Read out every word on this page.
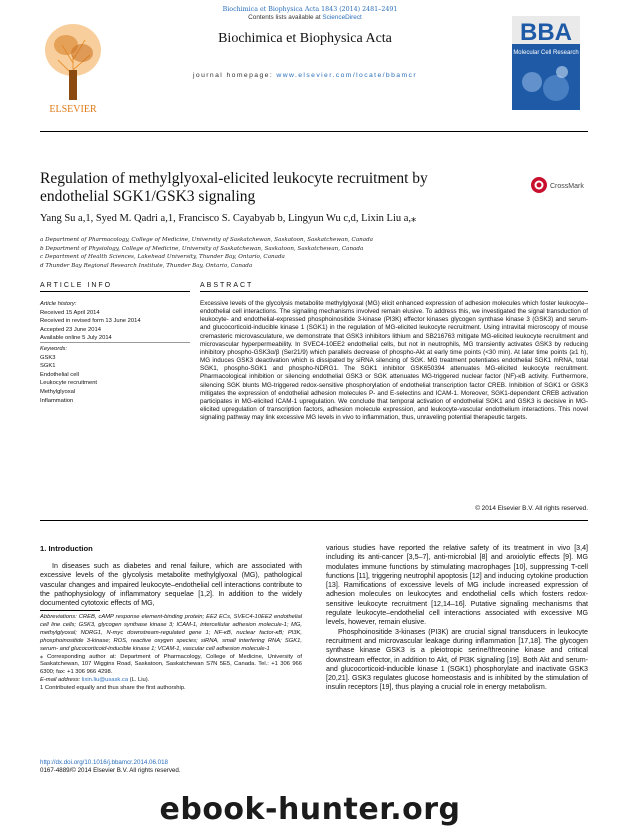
Biochimica et Biophysica Acta 1843 (2014) 2481–2491
ELSEVIER
Contents lists available at ScienceDirect
Biochimica et Biophysica Acta
journal homepage: www.elsevier.com/locate/bbamcr
BBA
Molecular Cell Research
Regulation of methylglyoxal-elicited leukocyte recruitment by endothelial SGK1/GSK3 signaling
CrossMark
Yang Su a,1, Syed M. Qadri a,1, Francisco S. Cayabyab b, Lingyun Wu c,d, Lixin Liu a,⁎
a Department of Pharmacology, College of Medicine, University of Saskatchewan, Saskatoon, Saskatchewan, Canada
b Department of Physiology, College of Medicine, University of Saskatchewan, Saskatoon, Saskatchewan, Canada
c Department of Health Sciences, Lakehead University, Thunder Bay, Ontario, Canada
d Thunder Bay Regional Research Institute, Thunder Bay, Ontario, Canada
ARTICLE INFO	ABSTRACT
Article history:
Received 15 April 2014
Received in revised form 13 June 2014
Accepted 23 June 2014
Available online 5 July 2014
Keywords:
GSK3
SGK1
Endothelial cell
Leukocyte recruitment
Methylglyoxal
Inflammation
Excessive levels of the glycolysis metabolite methylglyoxal (MG) elicit enhanced expression of adhesion molecules which foster leukocyte–endothelial cell interactions. The signaling mechanisms involved remain elusive. To address this, we investigated the signal transduction of leukocyte- and endothelial-expressed phosphoinositide 3-kinase (PI3K) effector kinases glycogen synthase kinase 3 (GSK3) and serum- and glucocorticoid-inducible kinase 1 (SGK1) in the regulation of MG-elicited leukocyte recruitment. Using intravital microscopy of mouse cremasteric microvasculature, we demonstrate that GSK3 inhibitors lithium and SB216763 mitigate MG-elicited leukocyte recruitment and microvascular hyperpermeability. In SVEC4-10EE2 endothelial cells, but not in neutrophils, MG transiently activates GSK3 by reducing inhibitory phospho-GSK3α/β (Ser21/9) which parallels decrease of phospho-Akt at early time points (<30 min). At later time points (≥1 h), MG induces GSK3 deactivation which is dissipated by siRNA silencing of SGK. MG treatment potentiates endothelial SGK1 mRNA, total SGK1, phospho-SGK1 and phospho-NDRG1. The SGK1 inhibitor GSK650394 attenuates MG-elicited leukocyte recruitment. Pharmacological inhibition or silencing endothelial GSK3 or SGK attenuates MG-triggered nuclear factor (NF)-κB activity. Furthermore, silencing SGK blunts MG-triggered redox-sensitive phosphorylation of endothelial transcription factor CREB. Inhibition of SGK1 or GSK3 mitigates the expression of endothelial adhesion molecules P- and E-selectins and ICAM-1. Moreover, SGK1-dependent CREB activation participates in MG-elicited ICAM-1 upregulation. We conclude that temporal activation of endothelial SGK1 and GSK3 is decisive in MG-elicited upregulation of transcription factors, adhesion molecule expression, and leukocyte-vascular endothelium interactions. This novel signaling pathway may link excessive MG levels in vivo to inflammation, thus, unraveling potential therapeutic targets.
© 2014 Elsevier B.V. All rights reserved.
1. Introduction

In diseases such as diabetes and renal failure, which are associated with excessive levels of the glycolysis metabolite methylglyoxal (MG), pathological vascular changes and impaired leukocyte–endothelial cell interactions contribute to the pathophysiology of inflammatory sequelae [1,2]. In addition to the widely documented cytotoxic effects of MG,

various studies have reported the relative safety of its treatment in vivo [3,4] including its anti-cancer [3,5–7], anti-microbial [8] and anxiolytic effects [9]. MG modulates immune functions by stimulating macrophages [10], suppressing T-cell functions [11], triggering neutrophil apoptosis [12] and inducing cytokine production [13]. Ramifications of excessive levels of MG include increased expression of adhesion molecules on leukocytes and endothelial cells which fosters redox-sensitive leukocyte recruitment [12,14–16]. Putative signaling mechanisms that regulate leukocyte–endothelial cell interactions associated with excessive MG levels, however, remain elusive.

Phosphoinositide 3-kinases (PI3K) are crucial signal transducers in leukocyte recruitment and microvascular leakage during inflammation [17,18]. The glycogen synthase kinase GSK3 is a pleiotropic serine/threonine kinase and critical downstream effector, in addition to Akt, of PI3K signaling [19]. Both Akt and serum- and glucocorticoid-inducible kinase 1 (SGK1) phosphorylate and inactivate GSK3 [20,21]. GSK3 regulates glucose homeostasis and is inhibited by the stimulation of insulin receptors [19], thus playing a crucial role in energy metabolism.

Abbreviations: CREB, cAMP response element-binding protein; EE2 ECs, SVEC4-10EE2 endothelial cell line cells; GSK3, glycogen synthase kinase 3; ICAM-1, intercellular adhesion molecule-1; MG, methylglyoxal; NDRG1, N-myc downstream-regulated gene 1; NF-κB, nuclear factor-κB; PI3K, phosphoinositide 3-kinase; ROS, reactive oxygen species; siRNA, small interfering RNA; SGK1, serum- and glucocorticoid-inducible kinase 1; VCAM-1, vascular cell adhesion molecule-1

⁎ Corresponding author at: Department of Pharmacology, College of Medicine, University of Saskatchewan, 107 Wiggins Road, Saskatoon, Saskatchewan S7N 5E5, Canada. Tel.: +1 306 966 6300; fax: +1 306 966 4298.

E-mail address: lixin.liu@usask.ca (L. Liu).

1 Contributed equally and thus share the first authorship.

http://dx.doi.org/10.1016/j.bbamcr.2014.06.018
0167-4889/© 2014 Elsevier B.V. All rights reserved.
ebook-hunter.org
